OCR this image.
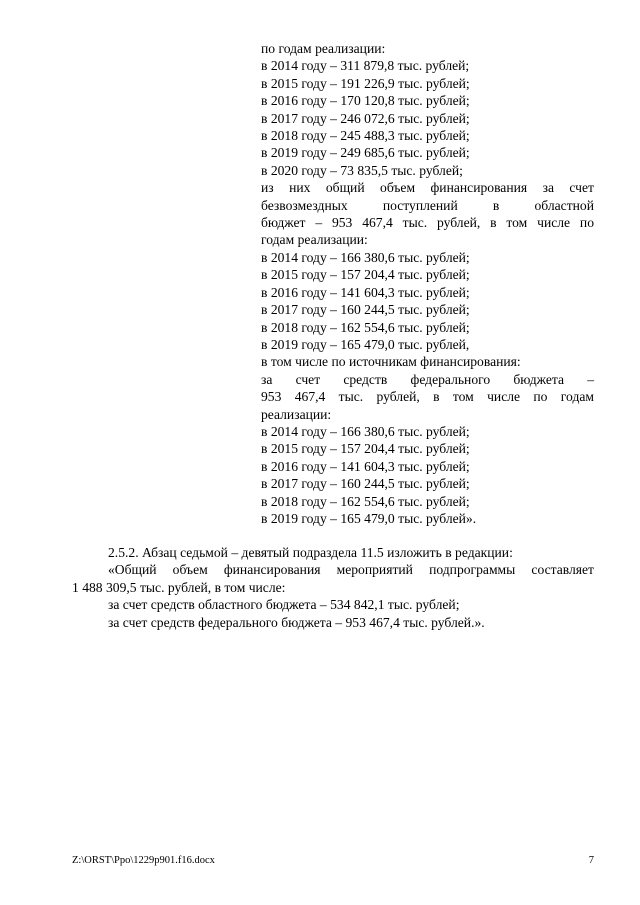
по годам реализации:
в 2014 году – 311 879,8 тыс. рублей;
в 2015 году – 191 226,9 тыс. рублей;
в 2016 году – 170 120,8 тыс. рублей;
в 2017 году – 246 072,6 тыс. рублей;
в 2018 году – 245 488,3 тыс. рублей;
в 2019 году – 249 685,6 тыс. рублей;
в 2020 году – 73 835,5 тыс. рублей;
из них общий объем финансирования за счет
безвозмездных поступлений в областной
бюджет – 953 467,4 тыс. рублей, в том числе по
годам реализации:
в 2014 году – 166 380,6 тыс. рублей;
в 2015 году – 157 204,4 тыс. рублей;
в 2016 году – 141 604,3 тыс. рублей;
в 2017 году – 160 244,5 тыс. рублей;
в 2018 году – 162 554,6 тыс. рублей;
в 2019 году – 165 479,0 тыс. рублей,
в том числе по источникам финансирования:
за счет средств федерального бюджета –
953 467,4 тыс. рублей, в том числе по годам
реализации:
в 2014 году – 166 380,6 тыс. рублей;
в 2015 году – 157 204,4 тыс. рублей;
в 2016 году – 141 604,3 тыс. рублей;
в 2017 году – 160 244,5 тыс. рублей;
в 2018 году – 162 554,6 тыс. рублей;
в 2019 году – 165 479,0 тыс. рублей».
2.5.2. Абзац седьмой – девятый подраздела 11.5 изложить в редакции:
«Общий объем финансирования мероприятий подпрограммы составляет
1 488 309,5 тыс. рублей, в том числе:
за счет средств областного бюджета – 534 842,1 тыс. рублей;
за счет средств федерального бюджета – 953 467,4 тыс. рублей.».
Z:\ORST\Ppo\1229p901.f16.docx	7
